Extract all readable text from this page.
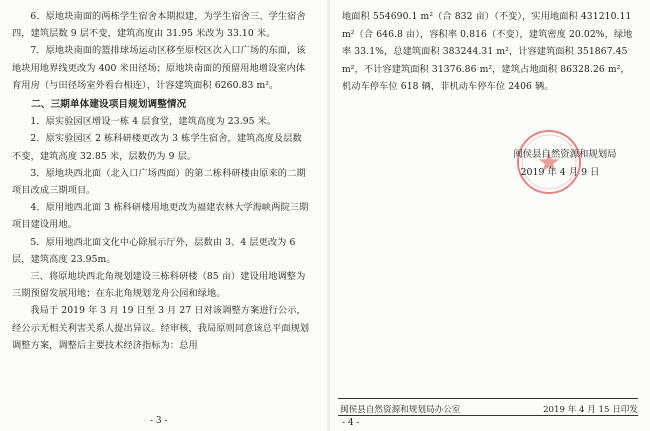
6．原地块南面的两栋学生宿舍本期拟建，为学生宿舍三、学生宿舍四，建筑层数 9 层不变，建筑高度由 31.95 米改为 33.10 米。

7．原地块南面的篮排球场运动区移至原校区次入口广场的东面，该地块用地界线更改为 400 米田径场；原地块南面的预留用地增设室内体育用房（与田径场室外看台相连），计容建筑面积 6260.83 m²。

二、三期单体建设项目规划调整情况

1．原实验园区增设一栋 4 层食堂，建筑高度为 23.95 米。

2．原实验园区 2 栋科研楼更改为 3 栋学生宿舍，建筑高度及层数不变，建筑高度 32.85 米，层数仍为 9 层。

3．原地块西北面（北入口广场西面）的第二栋科研楼由原来的二期项目改成三期项目。

4．原用地西北面 3 栋科研楼用地更改为福建农林大学海峡两院三期项目建设用地。

5．原用地西北面文化中心除展示厅外，层数由 3、4 层更改为 6 层，建筑高度 23.95m。

三、将原地块西北角规划建设三栋科研楼（85 亩）建设用地调整为三期预留发展用地；在东北角规划龙舟公园和绿地。

我局于 2019 年 3 月 19 日至 3 月 27 日对该调整方案进行公示，经公示无相关利害关系人提出异议。经审核，我局原则同意该总平面规划调整方案，调整后主要技术经济指标为：总用

- 3 -
地面积 554690.1 m²（合 832 亩）（不变），实用地面积 431210.11 m²（合 646.8 亩），容积率 0.816（不变），建筑密度 20.02%，绿地率 33.1%，总建筑面积 383244.31 m²，计容建筑面积 351867.45 m²，不计容建筑面积 31376.86 m²，建筑占地面积 86328.26 m²，机动车停车位 618 辆，非机动车停车位 2406 辆。
闽侯县自然资源和规划局
2019 年 4 月 9 日
闽侯县自然资源和规划局办公室	2019 年 4 月 15 日印发
- 4 -
